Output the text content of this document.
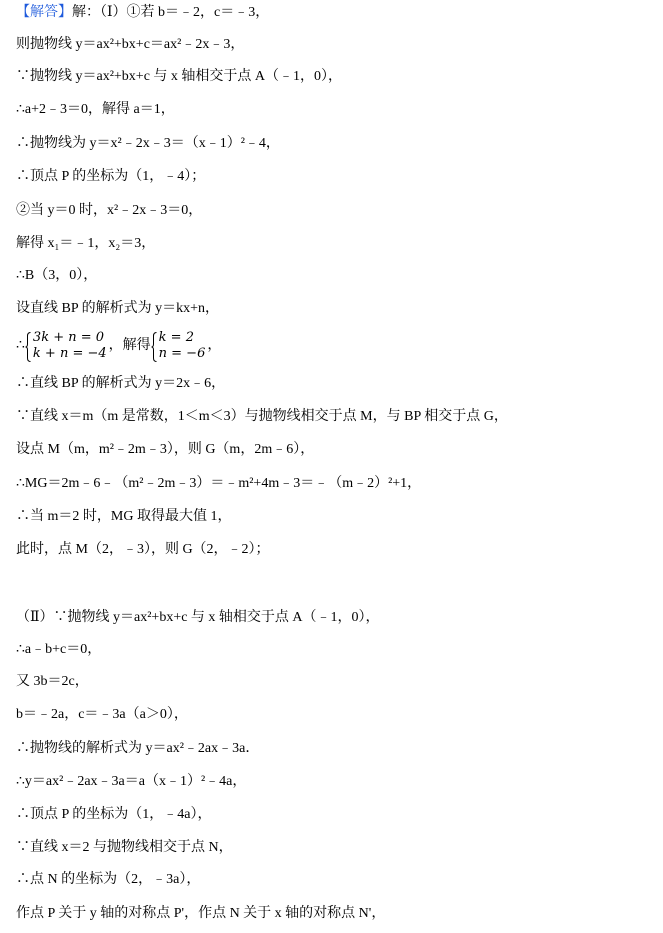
【解答】解：（Ⅰ）①若 b＝﹣2，c＝﹣3，
则抛物线 y＝ax²+bx+c＝ax²﹣2x﹣3，
∵抛物线 y＝ax²+bx+c 与 x 轴相交于点 A（﹣1，0），
∴a+2﹣3＝0，解得 a＝1，
∴抛物线为 y＝x²﹣2x﹣3＝（x﹣1）²﹣4，
∴顶点 P 的坐标为（1，﹣4）；
②当 y＝0 时，x²﹣2x﹣3＝0，
解得 x₁＝﹣1，x₂＝3，
∴B（3，0），
设直线 BP 的解析式为 y＝kx+n，
∴
3k + n = 0
k + n = −4
，解得
k = 2
n = −6
，
∴直线 BP 的解析式为 y＝2x﹣6，
∵直线 x＝m（m 是常数，1＜m＜3）与抛物线相交于点 M，与 BP 相交于点 G，
设点 M（m，m²﹣2m﹣3），则 G（m，2m﹣6），
∴MG＝2m﹣6﹣（m²﹣2m﹣3）＝﹣m²+4m﹣3＝﹣（m﹣2）²+1，
∴当 m＝2 时，MG 取得最大值 1，
此时，点 M（2，﹣3），则 G（2，﹣2）；
（Ⅱ）∵抛物线 y＝ax²+bx+c 与 x 轴相交于点 A（﹣1，0），
∴a﹣b+c＝0，
又 3b＝2c，
b＝﹣2a，c＝﹣3a（a＞0），
∴抛物线的解析式为 y＝ax²﹣2ax﹣3a．
∴y＝ax²﹣2ax﹣3a＝a（x﹣1）²﹣4a，
∴顶点 P 的坐标为（1，﹣4a），
∵直线 x＝2 与抛物线相交于点 N，
∴点 N 的坐标为（2，﹣3a），
作点 P 关于 y 轴的对称点 P'，作点 N 关于 x 轴的对称点 N'，
